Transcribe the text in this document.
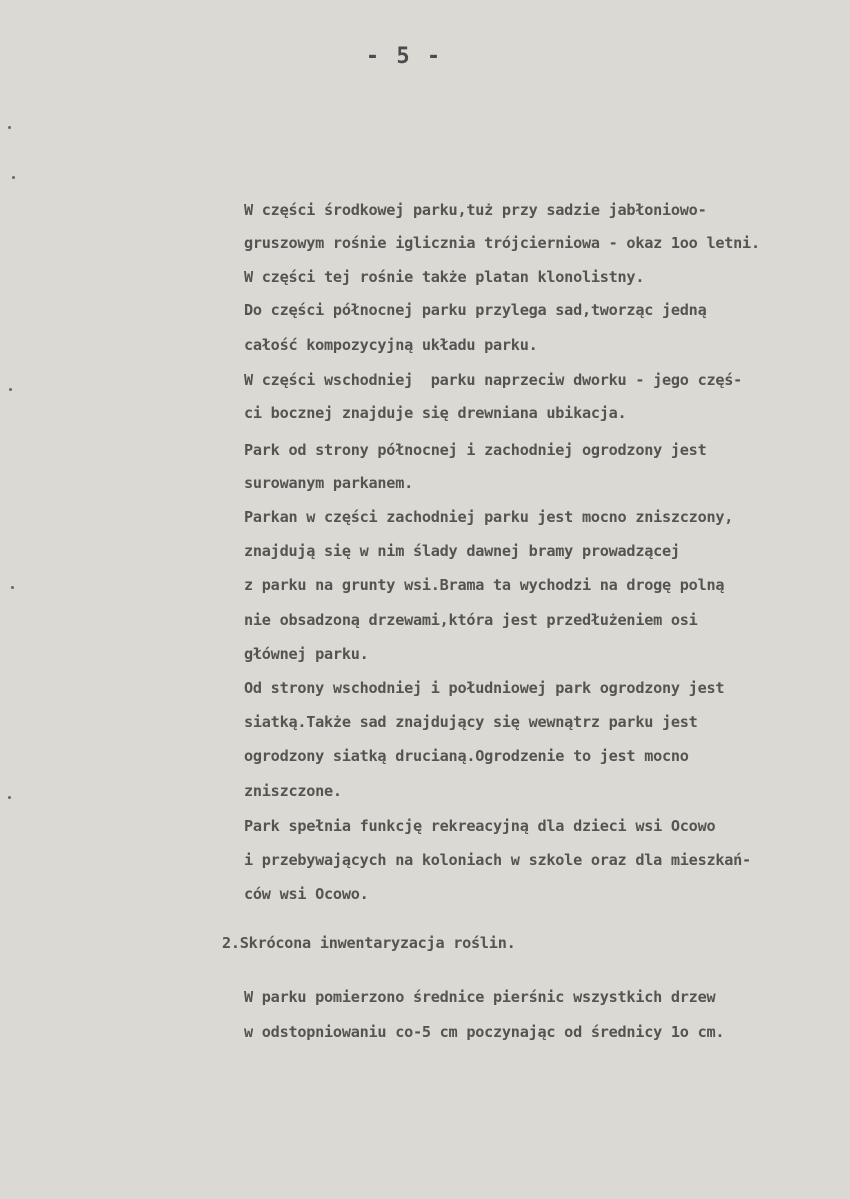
- 5 -
W części środkowej parku,tuż przy sadzie jabłoniowo-
gruszowym rośnie iglicznia trójcierniowa - okaz 1oo letni.
W części tej rośnie także platan klonolistny.
Do części północnej parku przylega sad,tworząc jedną
całość kompozycyjną układu parku.
W części wschodniej  parku naprzeciw dworku - jego częś-
ci bocznej znajduje się drewniana ubikacja.
Park od strony północnej i zachodniej ogrodzony jest
surowanym parkanem.
Parkan w części zachodniej parku jest mocno zniszczony,
znajdują się w nim ślady dawnej bramy prowadzącej
z parku na grunty wsi.Brama ta wychodzi na drogę polną
nie obsadzoną drzewami,która jest przedłużeniem osi
głównej parku.
Od strony wschodniej i południowej park ogrodzony jest
siatką.Także sad znajdujący się wewnątrz parku jest
ogrodzony siatką drucianą.Ogrodzenie to jest mocno
zniszczone.
Park spełnia funkcję rekreacyjną dla dzieci wsi Ocowo
i przebywających na koloniach w szkole oraz dla mieszkań-
ców wsi Ocowo.
2.Skrócona inwentaryzacja roślin.
W parku pomierzono średnice pierśnic wszystkich drzew
w odstopniowaniu co-5 cm poczynając od średnicy 1o cm.
